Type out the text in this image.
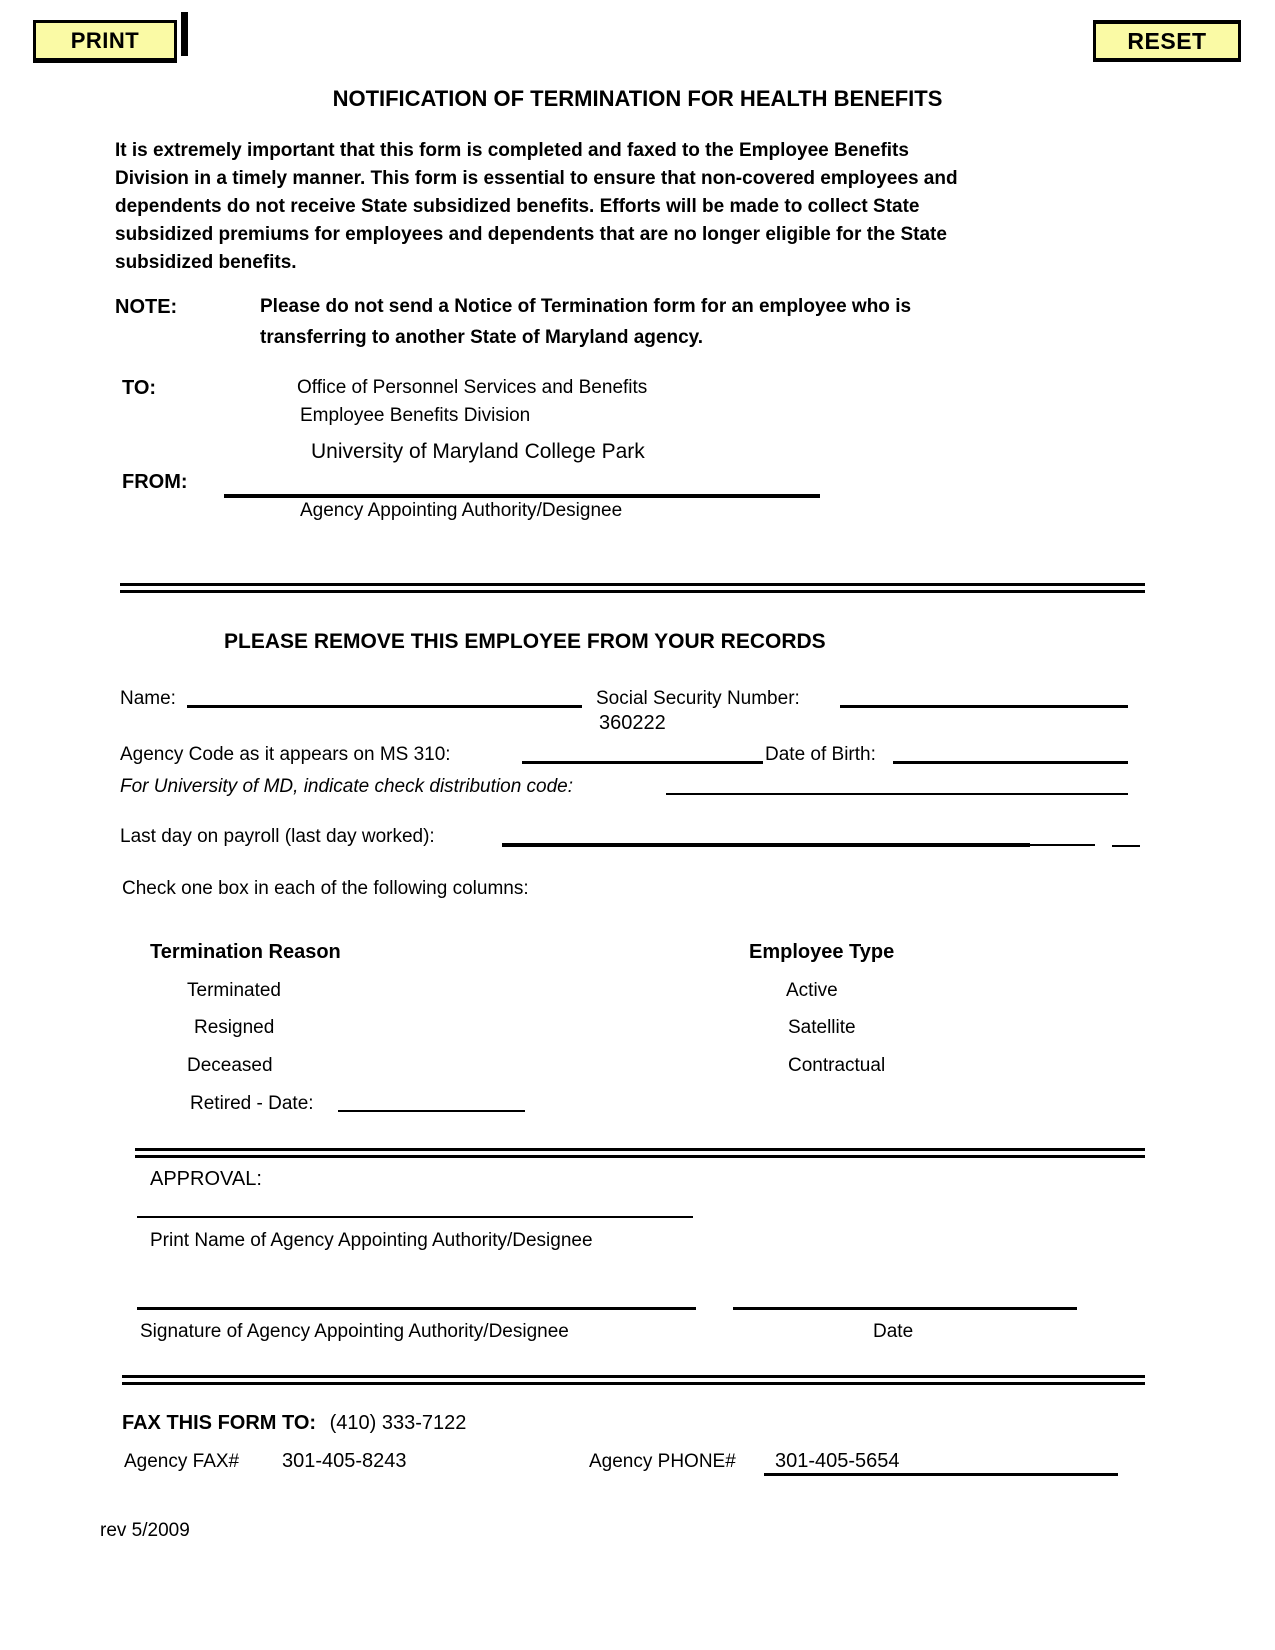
PRINT	RESET
NOTIFICATION OF TERMINATION FOR HEALTH BENEFITS
It is extremely important that this form is completed and faxed to the Employee Benefits
Division in a timely manner. This form is essential to ensure that non-covered employees and
dependents do not receive State subsidized benefits. Efforts will be made to collect State
subsidized premiums for employees and dependents that are no longer eligible for the State
subsidized benefits.
NOTE:	Please do not send a Notice of Termination form for an employee who is
transferring to another State of Maryland agency.
TO:	Office of Personnel Services and Benefits
Employee Benefits Division
University of Maryland College Park
FROM:
Agency Appointing Authority/Designee
PLEASE REMOVE THIS EMPLOYEE FROM YOUR RECORDS
Name:	Social Security Number:
360222
Agency Code as it appears on MS 310:	Date of Birth:
For University of MD, indicate check distribution code:
Last day on payroll (last day worked):
Check one box in each of the following columns:
Termination Reason	Employee Type
Terminated	Active
Resigned	Satellite
Deceased	Contractual
Retired - Date:
APPROVAL:
Print Name of Agency Appointing Authority/Designee
Signature of Agency Appointing Authority/Designee	Date
FAX THIS FORM TO: (410) 333-7122
Agency FAX# 301-405-8243	Agency PHONE# 301-405-5654
rev 5/2009
